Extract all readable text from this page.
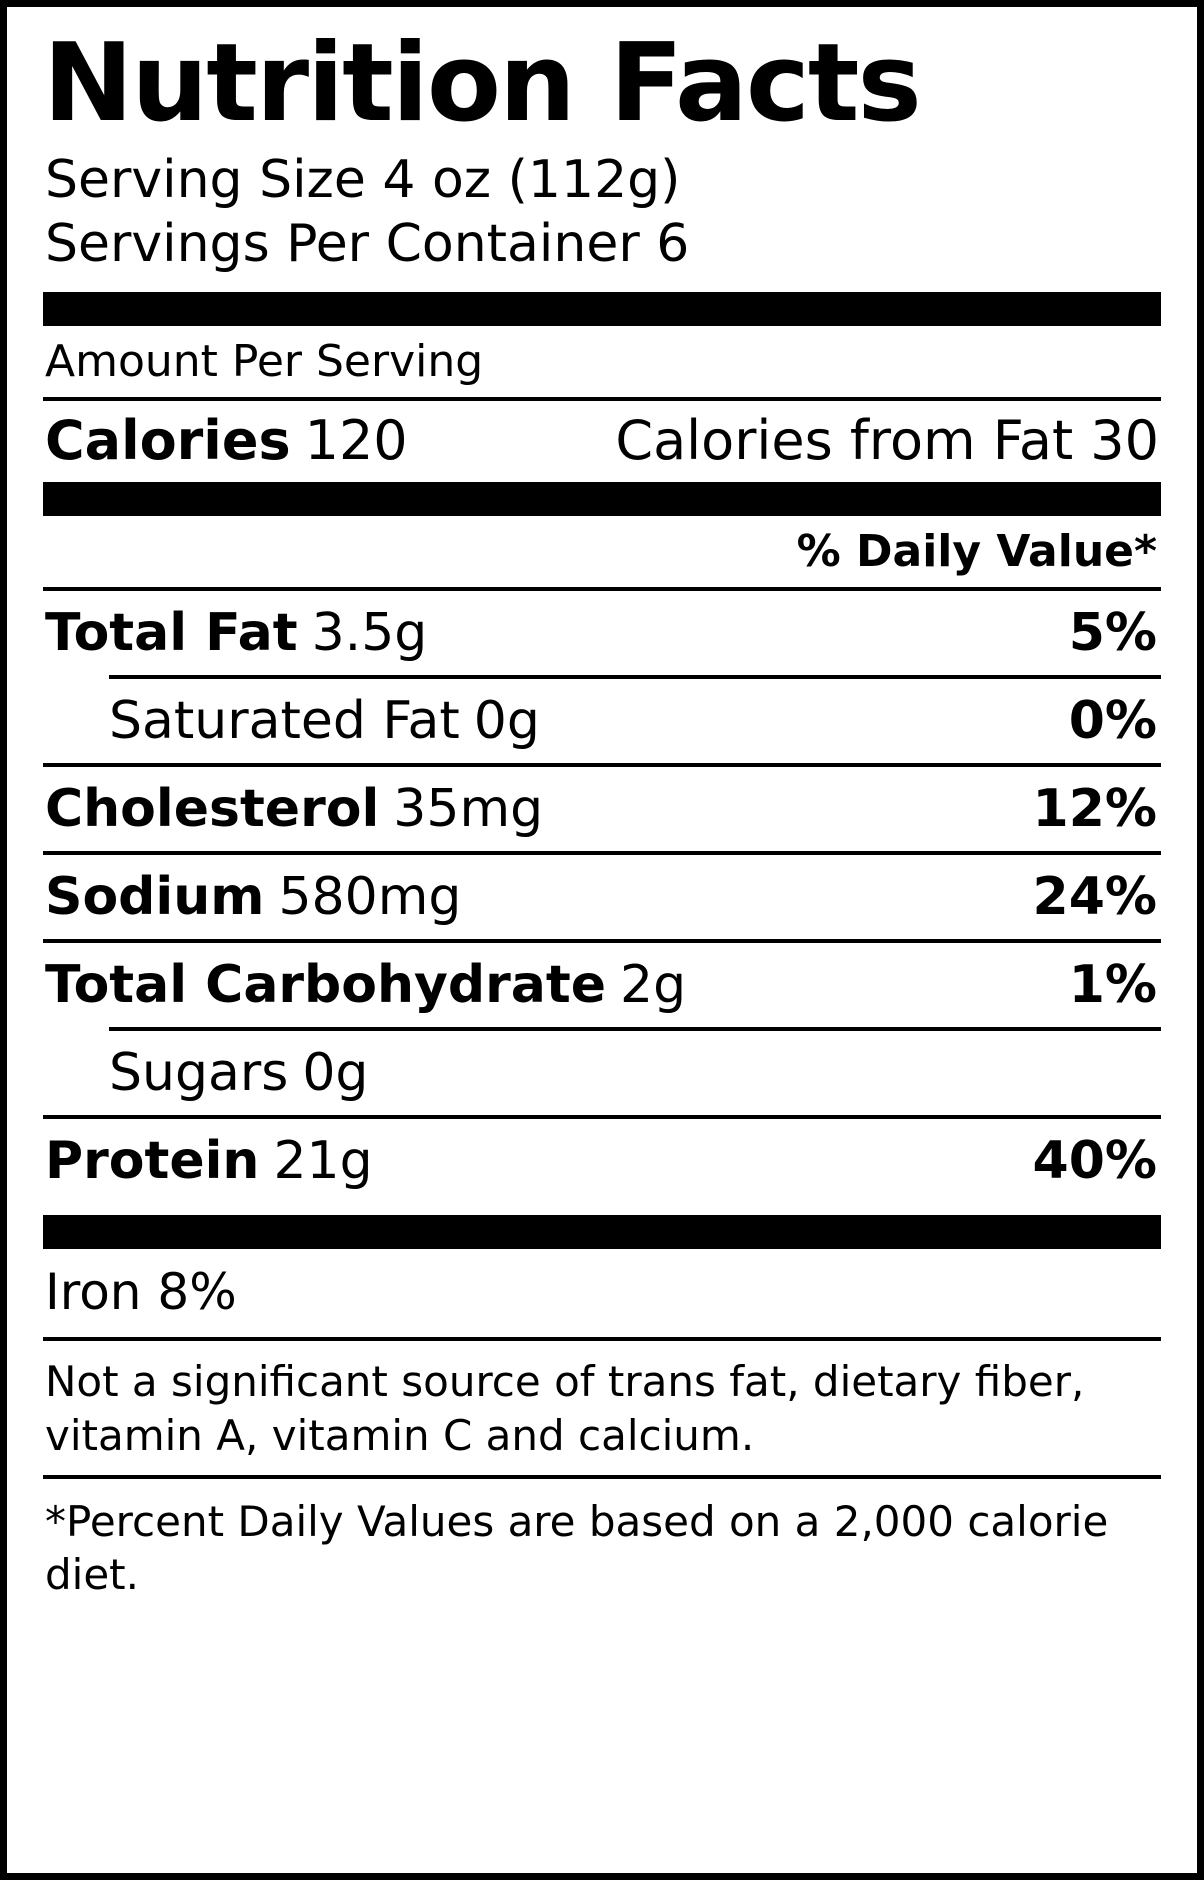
Nutrition Facts
Serving Size 4 oz (112g)
Servings Per Container 6
Amount Per Serving
Calories 120	Calories from Fat 30
% Daily Value*
Total Fat 3.5g	5%
Saturated Fat 0g	0%
Cholesterol 35mg	12%
Sodium 580mg	24%
Total Carbohydrate 2g	1%
Sugars 0g
Protein 21g	40%
Iron 8%
Not a significant source of trans fat, dietary fiber, vitamin A, vitamin C and calcium.
*Percent Daily Values are based on a 2,000 calorie diet.
